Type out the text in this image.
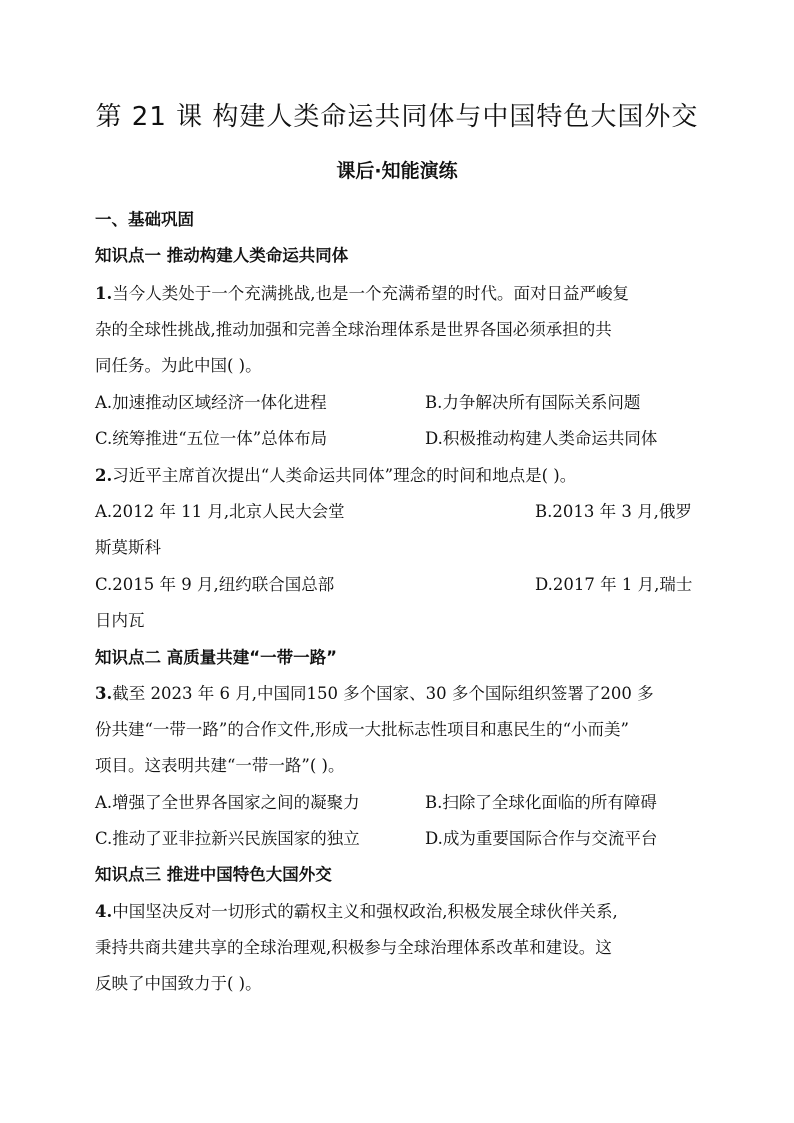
第 21 课 构建人类命运共同体与中国特色大国外交
课后·知能演练
一、基础巩固
知识点一 推动构建人类命运共同体
1.当今人类处于一个充满挑战,也是一个充满希望的时代。面对日益严峻复
杂的全球性挑战,推动加强和完善全球治理体系是世界各国必须承担的共
同任务。为此中国( )。
A.加速推动区域经济一体化进程	B.力争解决所有国际关系问题
C.统筹推进“五位一体”总体布局	D.积极推动构建人类命运共同体
2.习近平主席首次提出“人类命运共同体”理念的时间和地点是( )。
A.2012 年 11 月,北京人民大会堂	B.2013 年 3 月,俄罗
斯莫斯科
C.2015 年 9 月,纽约联合国总部	D.2017 年 1 月,瑞士
日内瓦
知识点二 高质量共建“一带一路”
3.截至 2023 年 6 月,中国同150 多个国家、30 多个国际组织签署了200 多
份共建“一带一路”的合作文件,形成一大批标志性项目和惠民生的“小而美”
项目。这表明共建“一带一路”( )。
A.增强了全世界各国家之间的凝聚力	B.扫除了全球化面临的所有障碍
C.推动了亚非拉新兴民族国家的独立	D.成为重要国际合作与交流平台
知识点三 推进中国特色大国外交
4.中国坚决反对一切形式的霸权主义和强权政治,积极发展全球伙伴关系,
秉持共商共建共享的全球治理观,积极参与全球治理体系改革和建设。这
反映了中国致力于( )。
